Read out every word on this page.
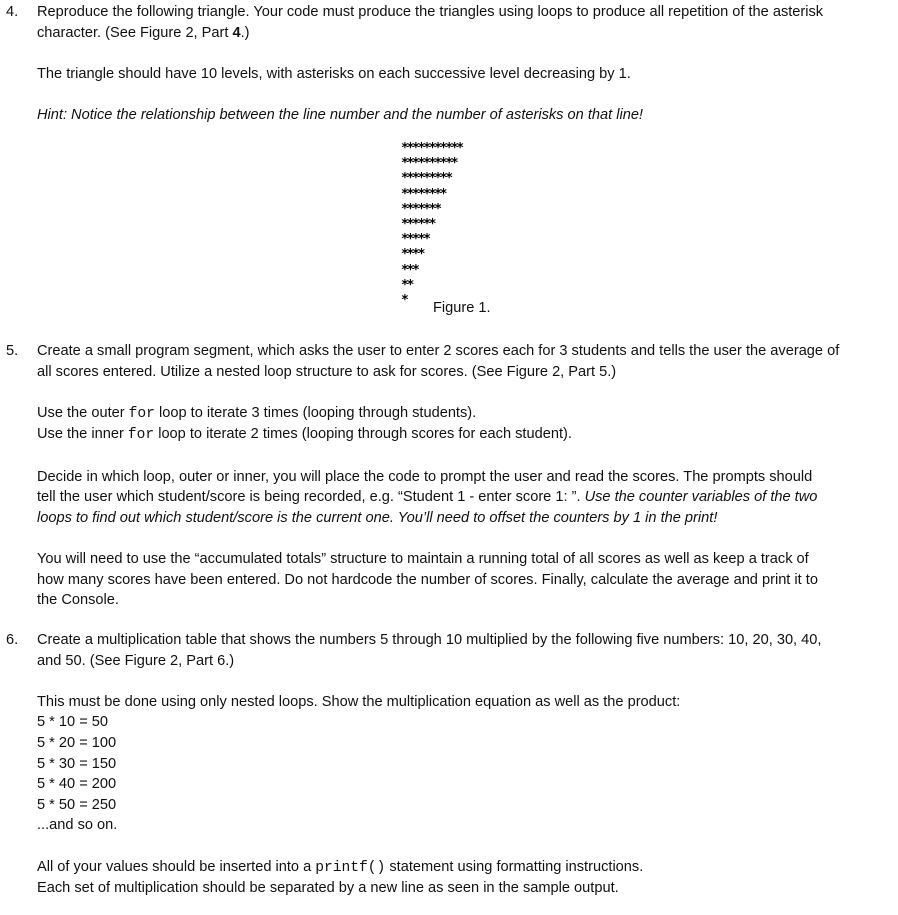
4. Reproduce the following triangle. Your code must produce the triangles using loops to produce all repetition of the asterisk

character. (See Figure 2, Part 4.)

The triangle should have 10 levels, with asterisks on each successive level decreasing by 1.

Hint: Notice the relationship between the line number and the number of asterisks on that line!

***********
**********
*********
********
*******
******
*****
****
***
**
*	Figure 1.
5. Create a small program segment, which asks the user to enter 2 scores each for 3 students and tells the user the average of

all scores entered. Utilize a nested loop structure to ask for scores. (See Figure 2, Part 5.)

Use the outer for loop to iterate 3 times (looping through students).

Use the inner for loop to iterate 2 times (looping through scores for each student).

Decide in which loop, outer or inner, you will place the code to prompt the user and read the scores. The prompts should

tell the user which student/score is being recorded, e.g. “Student 1 - enter score 1: ”. Use the counter variables of the two

loops to find out which student/score is the current one. You’ll need to offset the counters by 1 in the print!

You will need to use the “accumulated totals” structure to maintain a running total of all scores as well as keep a track of

how many scores have been entered. Do not hardcode the number of scores. Finally, calculate the average and print it to

the Console.

6. Create a multiplication table that shows the numbers 5 through 10 multiplied by the following five numbers: 10, 20, 30, 40,

and 50. (See Figure 2, Part 6.)

This must be done using only nested loops. Show the multiplication equation as well as the product:

5 * 10 = 50

5 * 20 = 100

5 * 30 = 150

5 * 40 = 200

5 * 50 = 250

...and so on.

All of your values should be inserted into a printf() statement using formatting instructions.

Each set of multiplication should be separated by a new line as seen in the sample output.
